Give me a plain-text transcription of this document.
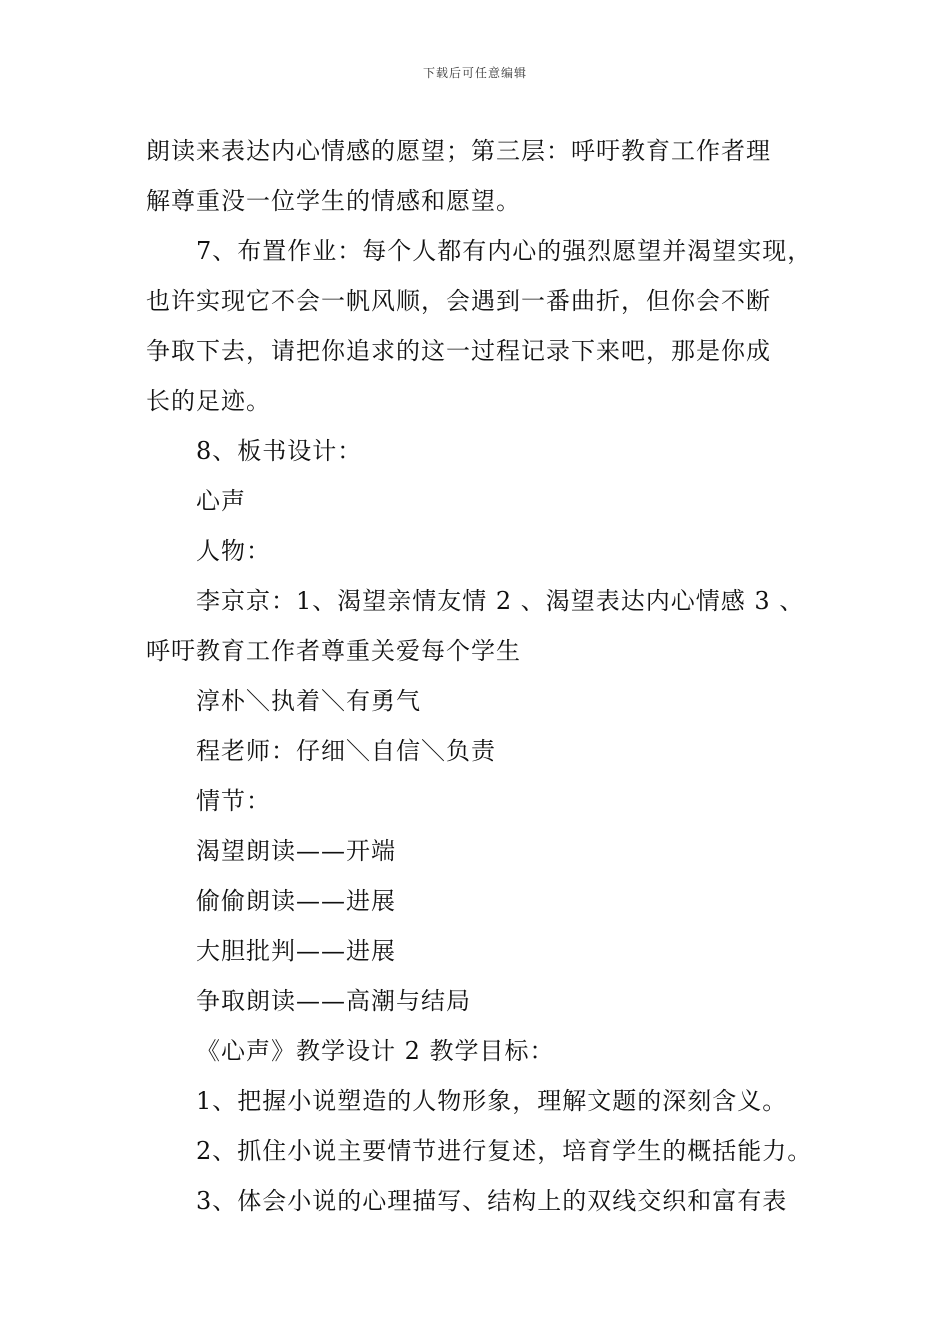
下载后可任意编辑
朗读来表达内心情感的愿望；第三层：呼吁教育工作者理
解尊重没一位学生的情感和愿望。
7、布置作业：每个人都有内心的强烈愿望并渴望实现，
也许实现它不会一帆风顺，会遇到一番曲折，但你会不断
争取下去，请把你追求的这一过程记录下来吧，那是你成
长的足迹。
8、板书设计：
心声
人物：
李京京：1、渴望亲情友情 2 、渴望表达内心情感 3 、
呼吁教育工作者尊重关爱每个学生
淳朴＼执着＼有勇气
程老师：仔细＼自信＼负责
情节：
渴望朗读——开端
偷偷朗读——进展
大胆批判——进展
争取朗读——高潮与结局
《心声》教学设计 2 教学目标：
1、把握小说塑造的人物形象，理解文题的深刻含义。
2、抓住小说主要情节进行复述，培育学生的概括能力。
3、体会小说的心理描写、结构上的双线交织和富有表
